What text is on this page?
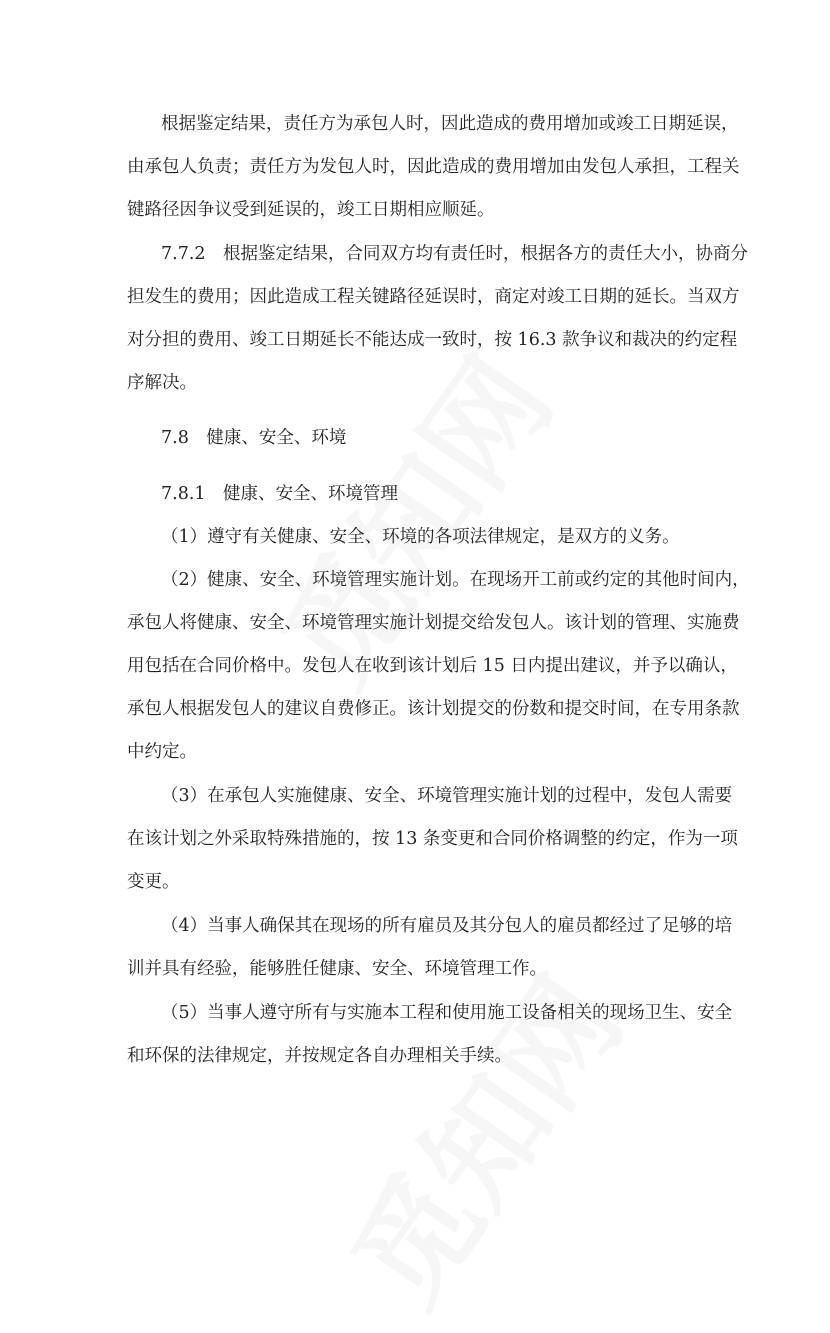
根据鉴定结果，责任方为承包人时，因此造成的费用增加或竣工日期延误，
由承包人负责；责任方为发包人时，因此造成的费用增加由发包人承担，工程关
键路径因争议受到延误的，竣工日期相应顺延。
7.7.2　根据鉴定结果，合同双方均有责任时，根据各方的责任大小，协商分
担发生的费用；因此造成工程关键路径延误时，商定对竣工日期的延长。当双方
对分担的费用、竣工日期延长不能达成一致时，按 16.3 款争议和裁决的约定程
序解决。
7.8　健康、安全、环境
7.8.1　健康、安全、环境管理
（1）遵守有关健康、安全、环境的各项法律规定，是双方的义务。
（2）健康、安全、环境管理实施计划。在现场开工前或约定的其他时间内，
承包人将健康、安全、环境管理实施计划提交给发包人。该计划的管理、实施费
用包括在合同价格中。发包人在收到该计划后 15 日内提出建议，并予以确认，
承包人根据发包人的建议自费修正。该计划提交的份数和提交时间，在专用条款
中约定。
（3）在承包人实施健康、安全、环境管理实施计划的过程中，发包人需要
在该计划之外采取特殊措施的，按 13 条变更和合同价格调整的约定，作为一项
变更。
（4）当事人确保其在现场的所有雇员及其分包人的雇员都经过了足够的培
训并具有经验，能够胜任健康、安全、环境管理工作。
（5）当事人遵守所有与实施本工程和使用施工设备相关的现场卫生、安全
和环保的法律规定，并按规定各自办理相关手续。
